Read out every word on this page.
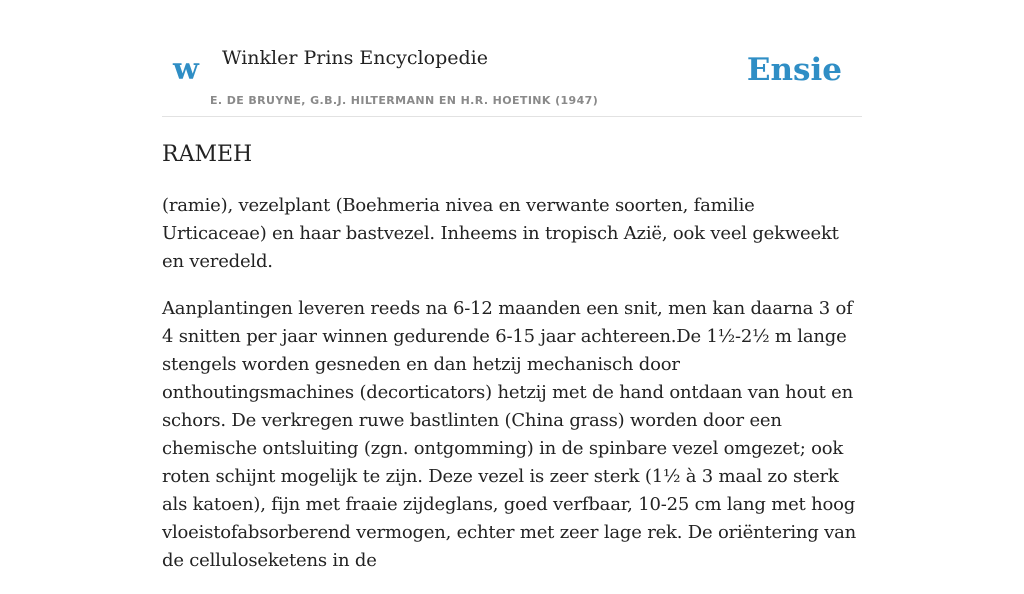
w Winkler Prins Encyclopedie
E. DE BRUYNE, G.B.J. HILTERMANN EN H.R. HOETINK (1947)
Ensie
RAMEH

(ramie), vezelplant (Boehmeria nivea en verwante soorten, familie Urticaceae) en haar bastvezel. Inheems in tropisch Azië, ook veel gekweekt en veredeld.

Aanplantingen leveren reeds na 6-12 maanden een snit, men kan daarna 3 of 4 snitten per jaar winnen gedurende 6-15 jaar achtereen.De 1½-2½ m lange stengels worden gesneden en dan hetzij mechanisch door onthoutingsmachines (decorticators) hetzij met de hand ontdaan van hout en schors. De verkregen ruwe bastlinten (China grass) worden door een chemische ontsluiting (zgn. ontgomming) in de spinbare vezel omgezet; ook roten schijnt mogelijk te zijn. Deze vezel is zeer sterk (1½ à 3 maal zo sterk als katoen), fijn met fraaie zijdeglans, goed verfbaar, 10-25 cm lang met hoog vloeistofabsorberend vermogen, echter met zeer lage rek. De oriëntering van de celluloseketens in de
